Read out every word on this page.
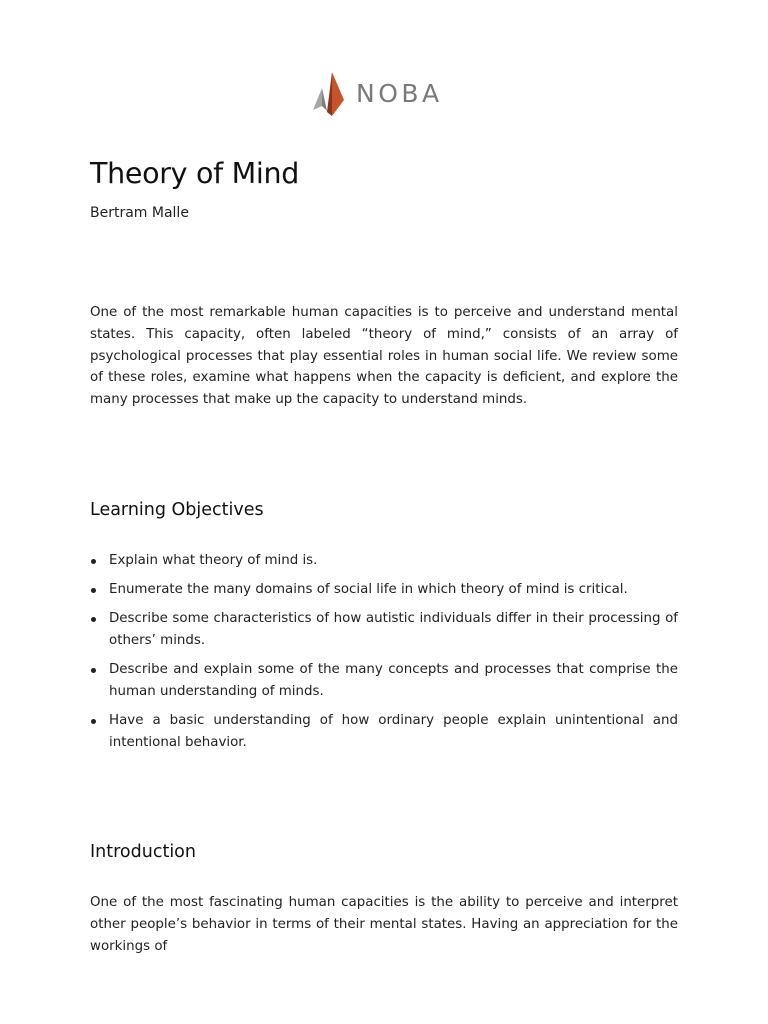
NOBA
Theory of Mind
Bertram Malle

One of the most remarkable human capacities is to perceive and understand mental states. This capacity, often labeled “theory of mind,” consists of an array of psychological processes that play essential roles in human social life. We review some of these roles, examine what happens when the capacity is deficient, and explore the many processes that make up the capacity to understand minds.

Learning Objectives
Explain what theory of mind is.
Enumerate the many domains of social life in which theory of mind is critical.
Describe some characteristics of how autistic individuals differ in their processing of others’ minds.
Describe and explain some of the many concepts and processes that comprise the human understanding of minds.
Have a basic understanding of how ordinary people explain unintentional and intentional behavior.
Introduction

One of the most fascinating human capacities is the ability to perceive and interpret other people’s behavior in terms of their mental states. Having an appreciation for the workings of
